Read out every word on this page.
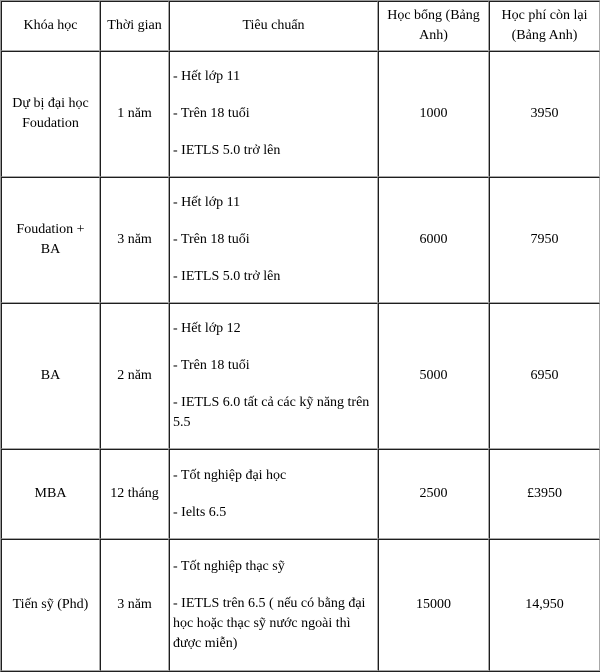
Khóa học	Thời gian	Tiêu chuẩn	Học bổng (Bảng Anh)	Học phí còn lại (Bảng Anh)
Dự bị đại học Foudation	1 năm	- Hết lớp 11

- Trên 18 tuổi

- IETLS 5.0 trở lên	1000	3950
Foudation + BA	3 năm	- Hết lớp 11

- Trên 18 tuổi

- IETLS 5.0 trở lên	6000	7950
BA	2 năm	- Hết lớp 12

- Trên 18 tuổi

- IETLS 6.0 tất cả các kỹ năng trên 5.5	5000	6950
MBA	12 tháng	- Tốt nghiệp đại học

- Ielts 6.5	2500	£3950
Tiến sỹ (Phd)	3 năm	- Tốt nghiệp thạc sỹ

- IETLS trên 6.5 ( nếu có bằng đại học hoặc thạc sỹ nước ngoài thì được miễn)	15000	14,950
